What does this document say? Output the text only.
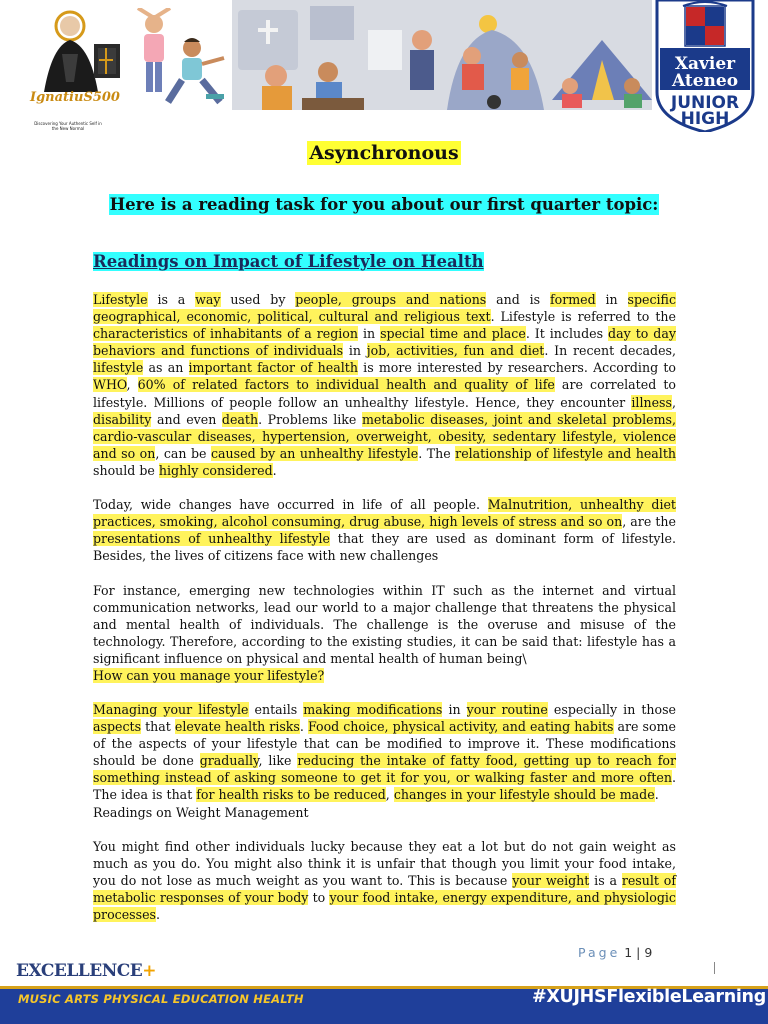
IgnatiuS500
Discovering Your Authentic Self in the New Normal
Xavier
Ateneo
JUNIOR
HIGH
Asynchronous
Here is a reading task for you about our first quarter topic:
Readings on Impact of Lifestyle on Health
Lifestyle is a way used by people, groups and nations and is formed in specific geographical, economic, political, cultural and religious text. Lifestyle is referred to the characteristics of inhabitants of a region in special time and place. It includes day to day behaviors and functions of individuals in job, activities, fun and diet. In recent decades, lifestyle as an important factor of health is more interested by researchers. According to WHO, 60% of related factors to individual health and quality of life are correlated to lifestyle. Millions of people follow an unhealthy lifestyle. Hence, they encounter illness, disability and even death. Problems like metabolic diseases, joint and skeletal problems, cardio-vascular diseases, hypertension, overweight, obesity, sedentary lifestyle, violence and so on, can be caused by an unhealthy lifestyle. The relationship of lifestyle and health should be highly considered.
Today, wide changes have occurred in life of all people. Malnutrition, unhealthy diet practices, smoking, alcohol consuming, drug abuse, high levels of stress and so on, are the presentations of unhealthy lifestyle that they are used as dominant form of lifestyle. Besides, the lives of citizens face with new challenges
For instance, emerging new technologies within IT such as the internet and virtual communication networks, lead our world to a major challenge that threatens the physical and mental health of individuals. The challenge is the overuse and misuse of the technology. Therefore, according to the existing studies, it can be said that: lifestyle has a significant influence on physical and mental health of human being\
How can you manage your lifestyle?
Managing your lifestyle entails making modifications in your routine especially in those aspects that elevate health risks. Food choice, physical activity, and eating habits are some of the aspects of your lifestyle that can be modified to improve it. These modifications should be done gradually, like reducing the intake of fatty food, getting up to reach for something instead of asking someone to get it for you, or walking faster and more often. The idea is that for health risks to be reduced, changes in your lifestyle should be made.
Readings on Weight Management
You might find other individuals lucky because they eat a lot but do not gain weight as much as you do. You might also think it is unfair that though you limit your food intake, you do not lose as much weight as you want to. This is because your weight is a result of metabolic responses of your body to your food intake, energy expenditure, and physiologic processes.
Page 1 | 9
EXCELLENCE+
MUSIC ARTS PHYSICAL EDUCATION HEALTH	#XUJHSFlexibleLearning
